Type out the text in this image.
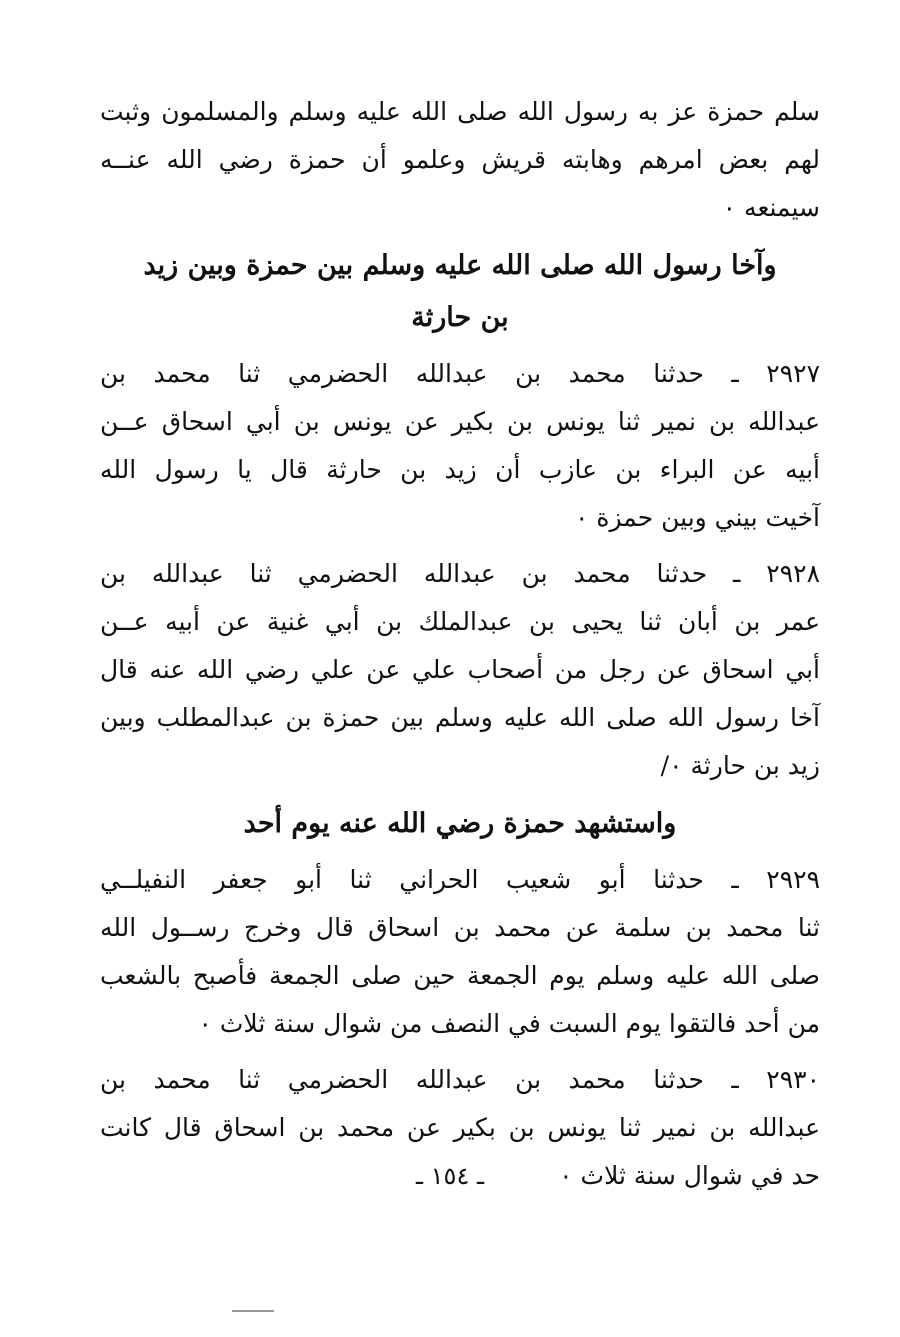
سلم حمزة عز به رسول الله صلى الله عليه وسلم والمسلمون وثبت
لهم بعض امرهم وهابته قريش وعلمو أن حمزة رضي الله عنــه
سيمنعه ٠
وآخا رسول الله صلى الله عليه وسلم بين حمزة وبين زيد
بن حارثة
٢٩٢٧ ـ حدثنا محمد بن عبدالله الحضرمي ثنا محمد بن
عبدالله بن نمير ثنا يونس بن بكير عن يونس بن أبي اسحاق عــن
أبيه عن البراء بن عازب أن زيد بن حارثة قال يا رسول الله
آخيت بيني وبين حمزة ٠
٢٩٢٨ ـ حدثنا محمد بن عبدالله الحضرمي ثنا عبدالله بن
عمر بن أبان ثنا يحيى بن عبدالملك بن أبي غنية عن أبيه عــن
أبي اسحاق عن رجل من أصحاب علي عن علي رضي الله عنه قال
آخا رسول الله صلى الله عليه وسلم بين حمزة بن عبدالمطلب وبين
زيد بن حارثة ٠/
واستشهد حمزة رضي الله عنه يوم أحد
٢٩٢٩ ـ حدثنا أبو شعيب الحراني ثنا أبو جعفر النفيلــي
ثنا محمد بن سلمة عن محمد بن اسحاق قال وخرج رســول الله
صلى الله عليه وسلم يوم الجمعة حين صلى الجمعة فأصبح بالشعب
من أحد فالتقوا يوم السبت في النصف من شوال سنة ثلاث ٠
٢٩٣٠ ـ حدثنا محمد بن عبدالله الحضرمي ثنا محمد بن
عبدالله بن نمير ثنا يونس بن بكير عن محمد بن اسحاق قال كانت
حد في شوال سنة ثلاث ٠
ـ ١٥٤ ـ
